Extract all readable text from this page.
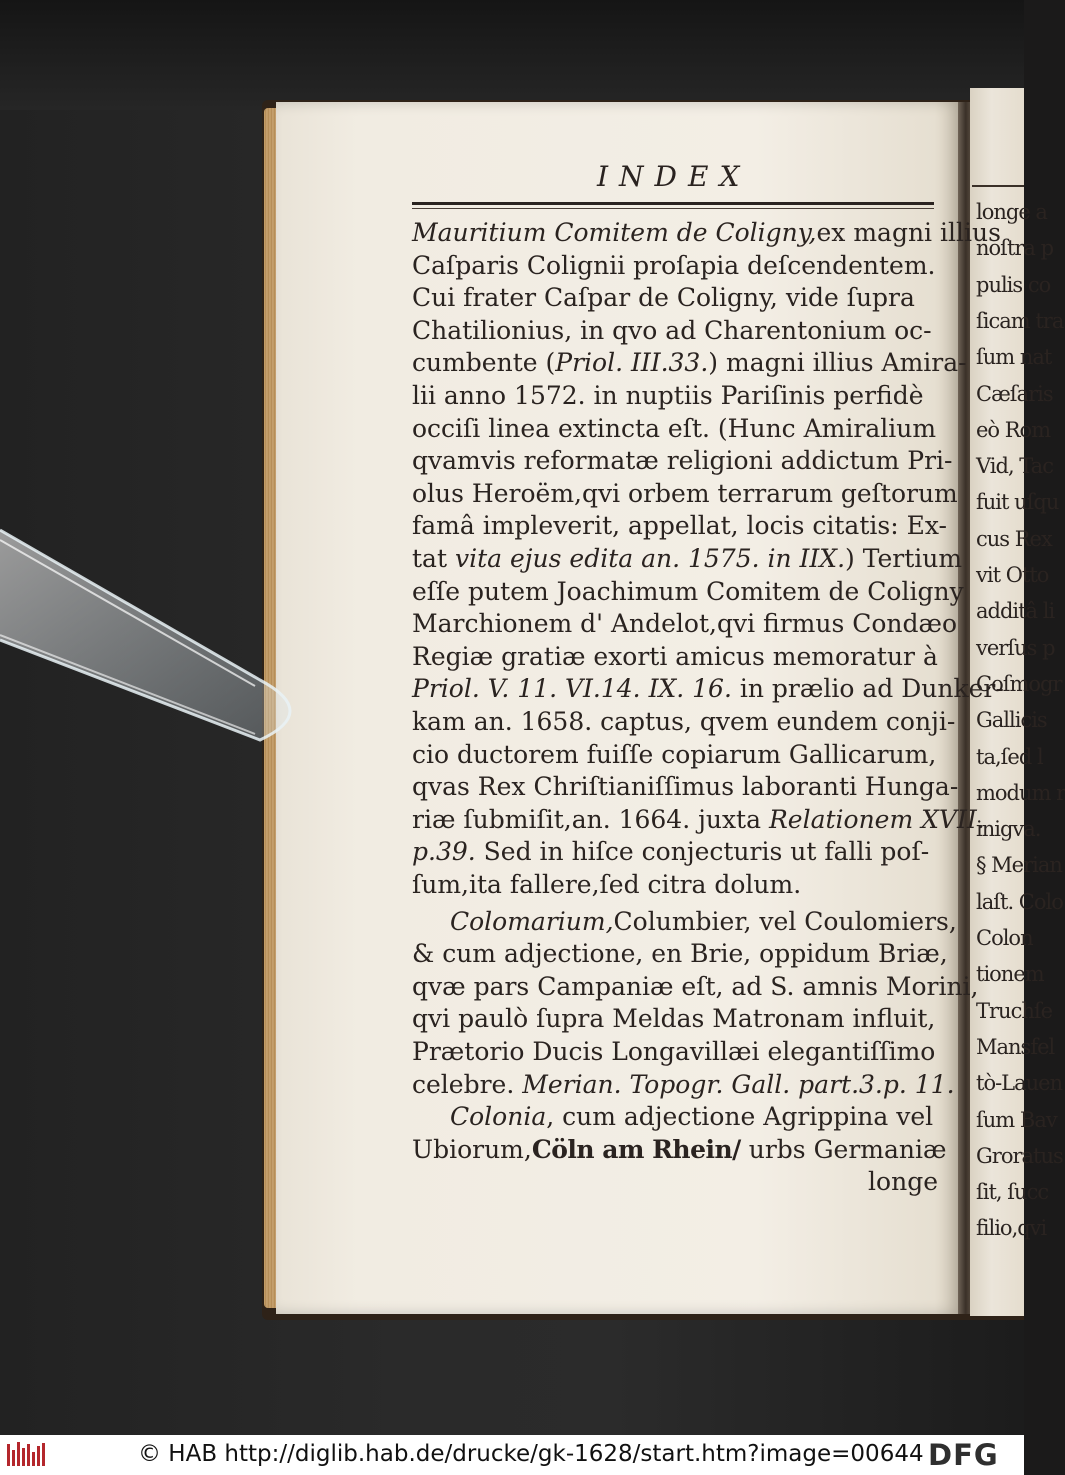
longe a
noſtra p
pulis co
ſicam tra
ſum nat
Cæſaris
eò Rom
Vid, Tac
fuit uſqu
cus Rex
vit Otto
additâ li
verſus p
Coſmogr
Gallicis
ta,ſed l
modum r
inigva.
§ Merian
laſt. Colo
Colon
tionem
Truchſe
Mansfel
tò-Lauen
ſum Bav
Groratus
ſit, ſucc
filio,qvi
INDEX
Mauritium Comitem de Coligny,ex magni illius
Caſparis Colignii proſapia deſcendentem.
Cui frater Caſpar de Coligny, vide ſupra
Chatilionius, in qvo ad Charentonium oc-
cumbente (Priol. III.33.) magni illius Amira-
lii anno 1572. in nuptiis Pariſinis perfidè
occiſi linea extincta eſt. (Hunc Amiralium
qvamvis reformatæ religioni addictum Pri-
olus Heroëm,qvi orbem terrarum geſtorum
famâ impleverit, appellat, locis citatis: Ex-
tat vita ejus edita an. 1575. in IIX.) Tertium
eſſe putem Joachimum Comitem de Coligny
Marchionem d' Andelot,qvi firmus Condæo
Regiæ gratiæ exorti amicus memoratur à
Priol. V. 11. VI.14. IX. 16. in prælio ad Dunker-
kam an. 1658. captus, qvem eundem conji-
cio ductorem fuiſſe copiarum Gallicarum,
qvas Rex Chriſtianiſſimus laboranti Hunga-
riæ ſubmiſit,an. 1664. juxta Relationem XVII.
p.39. Sed in hiſce conjecturis ut falli poſ-
ſum,ita fallere,ſed citra dolum.
Colomarium,Columbier, vel Coulomiers,
& cum adjectione, en Brie, oppidum Briæ,
qvæ pars Campaniæ eſt, ad S. amnis Morini,
qvi paulò ſupra Meldas Matronam influit,
Prætorio Ducis Longavillæi elegantiſſimo
celebre. Merian. Topogr. Gall. part.3.p. 11.
Colonia, cum adjectione Agrippina vel
Ubiorum,Cöln am Rhein/ urbs Germaniæ
longe
© HAB http://diglib.hab.de/drucke/gk-1628/start.htm?image=00644 DFG
